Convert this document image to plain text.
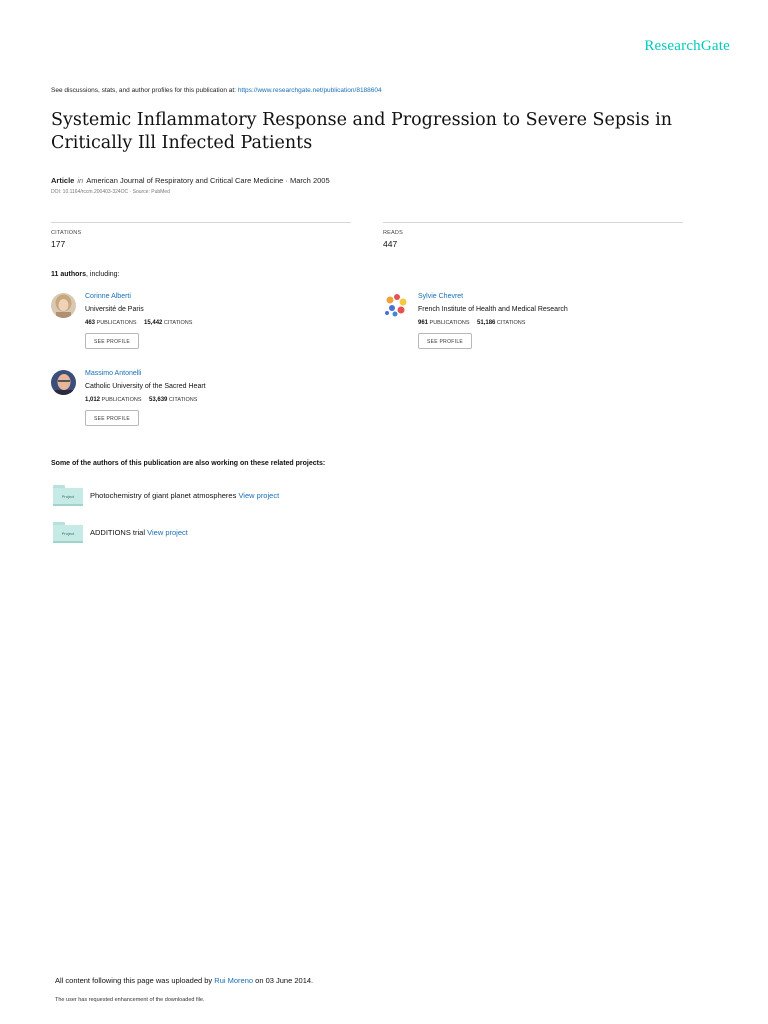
ResearchGate
See discussions, stats, and author profiles for this publication at: https://www.researchgate.net/publication/8188604
Systemic Inflammatory Response and Progression to Severe Sepsis in Critically Ill Infected Patients
Article in American Journal of Respiratory and Critical Care Medicine · March 2005
DOI: 10.1164/rccm.200403-324OC · Source: PubMed
CITATIONS
177
READS
447
11 authors, including:
Corinne Alberti
Université de Paris
463 PUBLICATIONS 15,442 CITATIONS
SEE PROFILE
Sylvie Chevret
French Institute of Health and Medical Research
961 PUBLICATIONS 51,186 CITATIONS
SEE PROFILE
Massimo Antonelli
Catholic University of the Sacred Heart
1,012 PUBLICATIONS 53,639 CITATIONS
SEE PROFILE
Some of the authors of this publication are also working on these related projects:
Project	Photochemistry of giant planet atmospheres View project
Project	ADDITIONS trial View project
All content following this page was uploaded by Rui Moreno on 03 June 2014.
The user has requested enhancement of the downloaded file.
